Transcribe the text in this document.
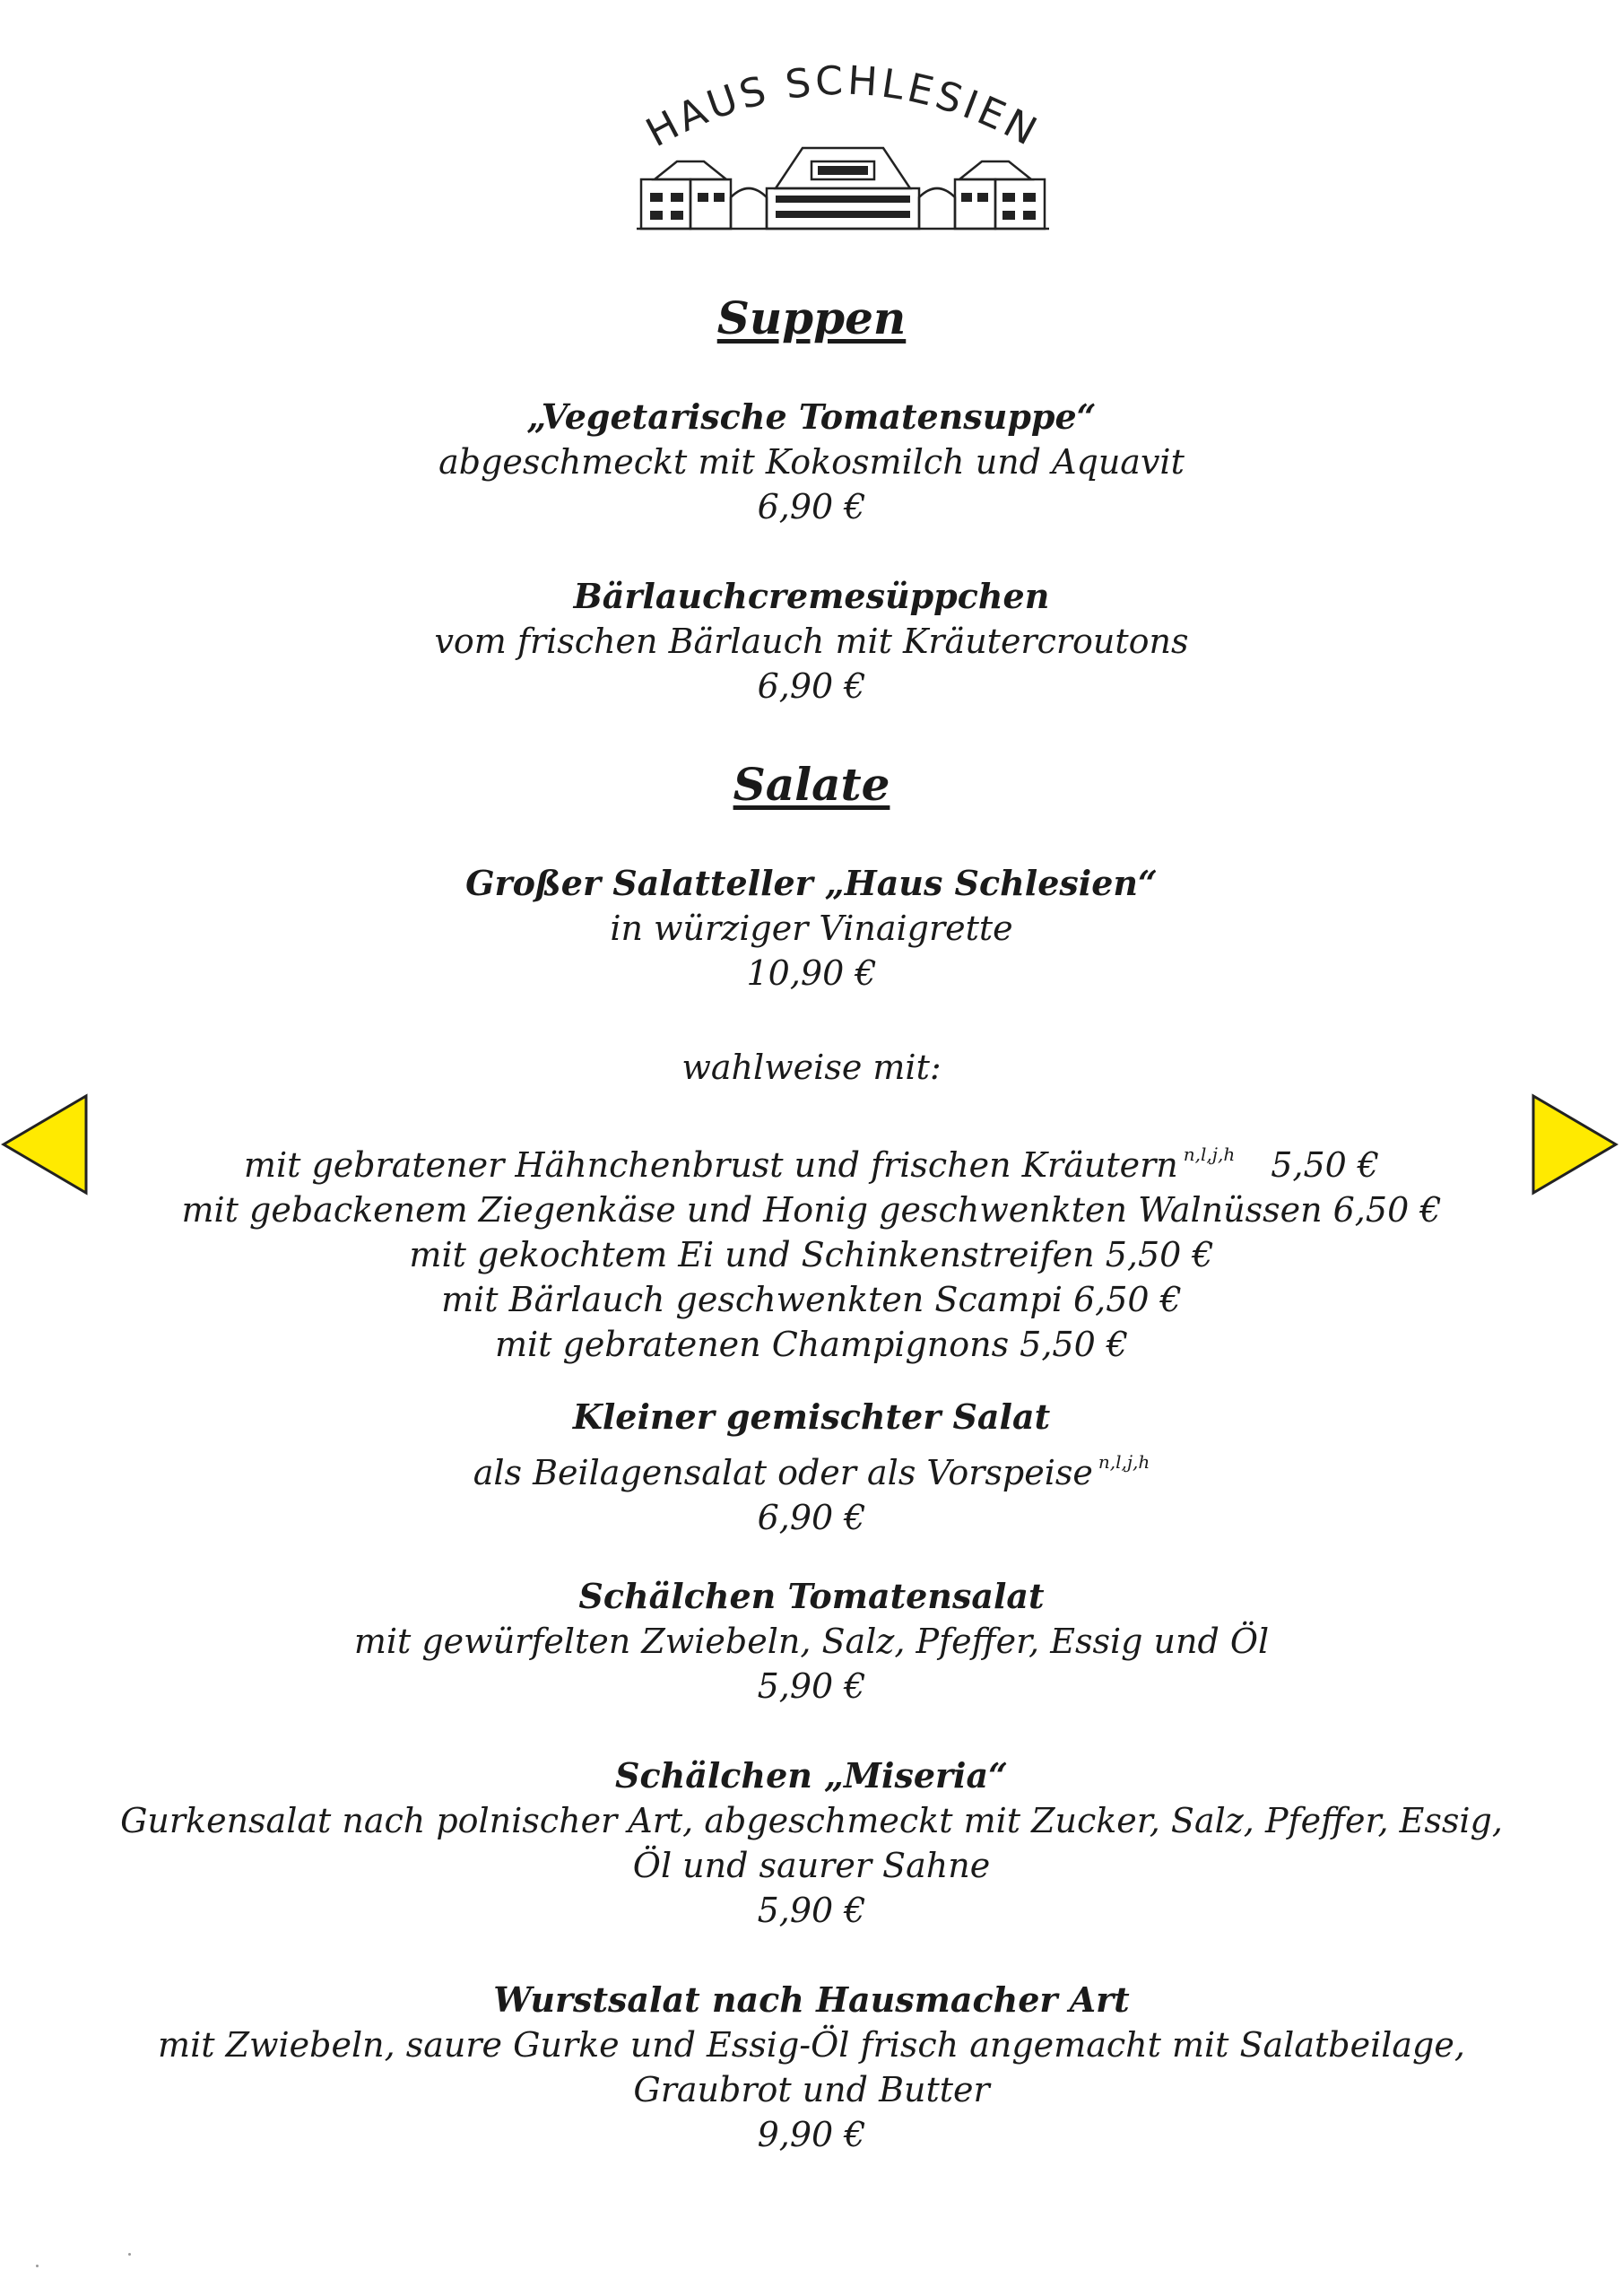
HAUS SCHLESIEN
Suppen
„Vegetarische Tomatensuppe“
abgeschmeckt mit Kokosmilch und Aquavit
6,90 €
Bärlauchcremesüppchen
vom frischen Bärlauch mit Kräutercroutons
6,90 €
Salate
Großer Salatteller „Haus Schlesien“
in würziger Vinaigrette
10,90 €
wahlweise mit:
mit gebratener Hähnchenbrust und frischen Kräutern $^{n,l,j,h}$ 5,50 €
mit gebackenem Ziegenkäse und Honig geschwenkten Walnüssen 6,50 €
mit gekochtem Ei und Schinkenstreifen 5,50 €
mit Bärlauch geschwenkten Scampi 6,50 €
mit gebratenen Champignons 5,50 €
Kleiner gemischter Salat
als Beilagensalat oder als Vorspeise $^{n,l,j,h}$
6,90 €
Schälchen Tomatensalat
mit gewürfelten Zwiebeln, Salz, Pfeffer, Essig und Öl
5,90 €
Schälchen „Miseria“
Gurkensalat nach polnischer Art, abgeschmeckt mit Zucker, Salz, Pfeffer, Essig,
Öl und saurer Sahne
5,90 €
Wurstsalat nach Hausmacher Art
mit Zwiebeln, saure Gurke und Essig-Öl frisch angemacht mit Salatbeilage,
Graubrot und Butter
9,90 €
